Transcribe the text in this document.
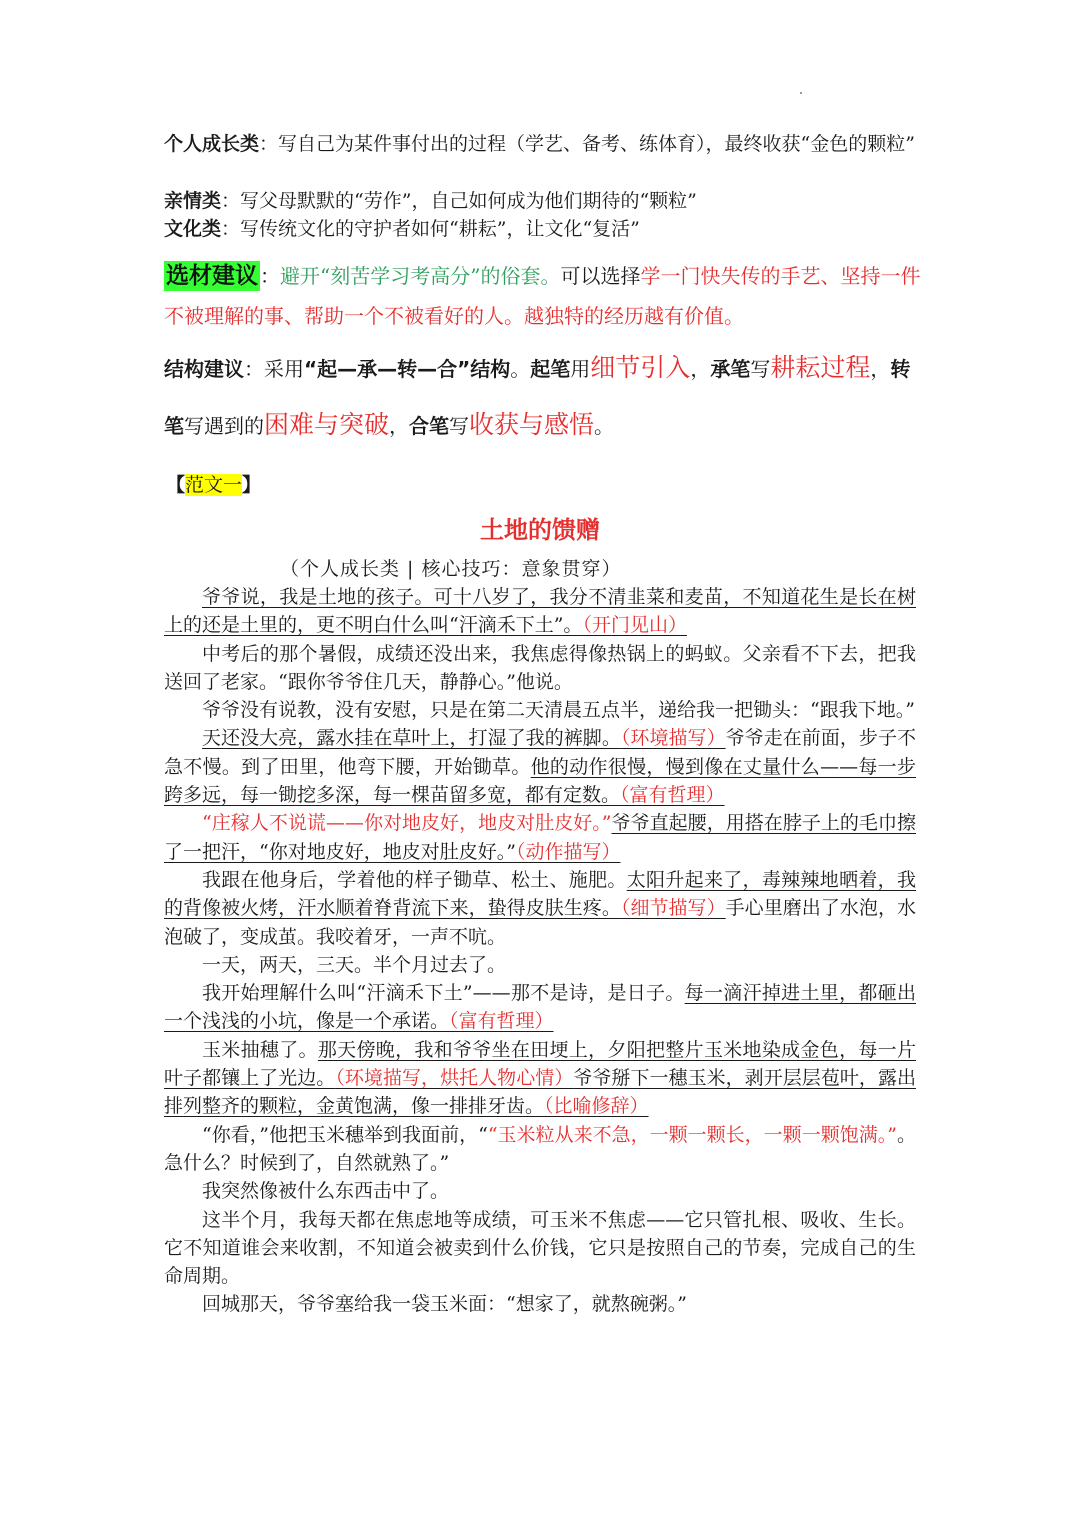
个人成长类：写自己为某件事付出的过程（学艺、备考、练体育），最终收获“金色的颗粒”
亲情类：写父母默默的“劳作”，自己如何成为他们期待的“颗粒”
文化类：写传统文化的守护者如何“耕耘”，让文化“复活”
选材建议 ：避开“刻苦学习考高分”的俗套。可以选择学一门快失传的手艺、坚持一件不被理解的事、帮助一个不被看好的人。越独特的经历越有价值。
结构建议：采用“起—承—转—合”结构。起笔用细节引入，承笔写耕耘过程，转笔写遇到的困难与突破，合笔写收获与感悟。
【范文一】
土地的馈赠
（个人成长类 | 核心技巧：意象贯穿）

爷爷说，我是土地的孩子。可十八岁了，我分不清韭菜和麦苗，不知道花生是长在树上的还是土里的，更不明白什么叫“汗滴禾下土”。（开门见山）

中考后的那个暑假，成绩还没出来，我焦虑得像热锅上的蚂蚁。父亲看不下去，把我送回了老家。“跟你爷爷住几天，静静心。”他说。

爷爷没有说教，没有安慰，只是在第二天清晨五点半，递给我一把锄头：“跟我下地。”

天还没大亮，露水挂在草叶上，打湿了我的裤脚。（环境描写）爷爷走在前面，步子不急不慢。到了田里，他弯下腰，开始锄草。他的动作很慢，慢到像在丈量什么——每一步跨多远，每一锄挖多深，每一棵苗留多宽，都有定数。（富有哲理）

“庄稼人不说谎——你对地皮好，地皮对肚皮好。”爷爷直起腰，用搭在脖子上的毛巾擦了一把汗，“你对地皮好，地皮对肚皮好。”（动作描写）

我跟在他身后，学着他的样子锄草、松土、施肥。太阳升起来了，毒辣辣地晒着，我的背像被火烤，汗水顺着脊背流下来，蛰得皮肤生疼。（细节描写）手心里磨出了水泡，水泡破了，变成茧。我咬着牙，一声不吭。

一天，两天，三天。半个月过去了。

我开始理解什么叫“汗滴禾下土”——那不是诗，是日子。每一滴汗掉进土里，都砸出一个浅浅的小坑，像是一个承诺。（富有哲理）

玉米抽穗了。那天傍晚，我和爷爷坐在田埂上，夕阳把整片玉米地染成金色，每一片叶子都镶上了光边。（环境描写，烘托人物心情）爷爷掰下一穗玉米，剥开层层苞叶，露出排列整齐的颗粒，金黄饱满，像一排排牙齿。（比喻修辞）

“你看，”他把玉米穗举到我面前，““玉米粒从来不急，一颗一颗长，一颗一颗饱满。”。急什么？时候到了，自然就熟了。”

我突然像被什么东西击中了。

这半个月，我每天都在焦虑地等成绩，可玉米不焦虑——它只管扎根、吸收、生长。它不知道谁会来收割，不知道会被卖到什么价钱，它只是按照自己的节奏，完成自己的生命周期。

回城那天，爷爷塞给我一袋玉米面：“想家了，就熬碗粥。”
